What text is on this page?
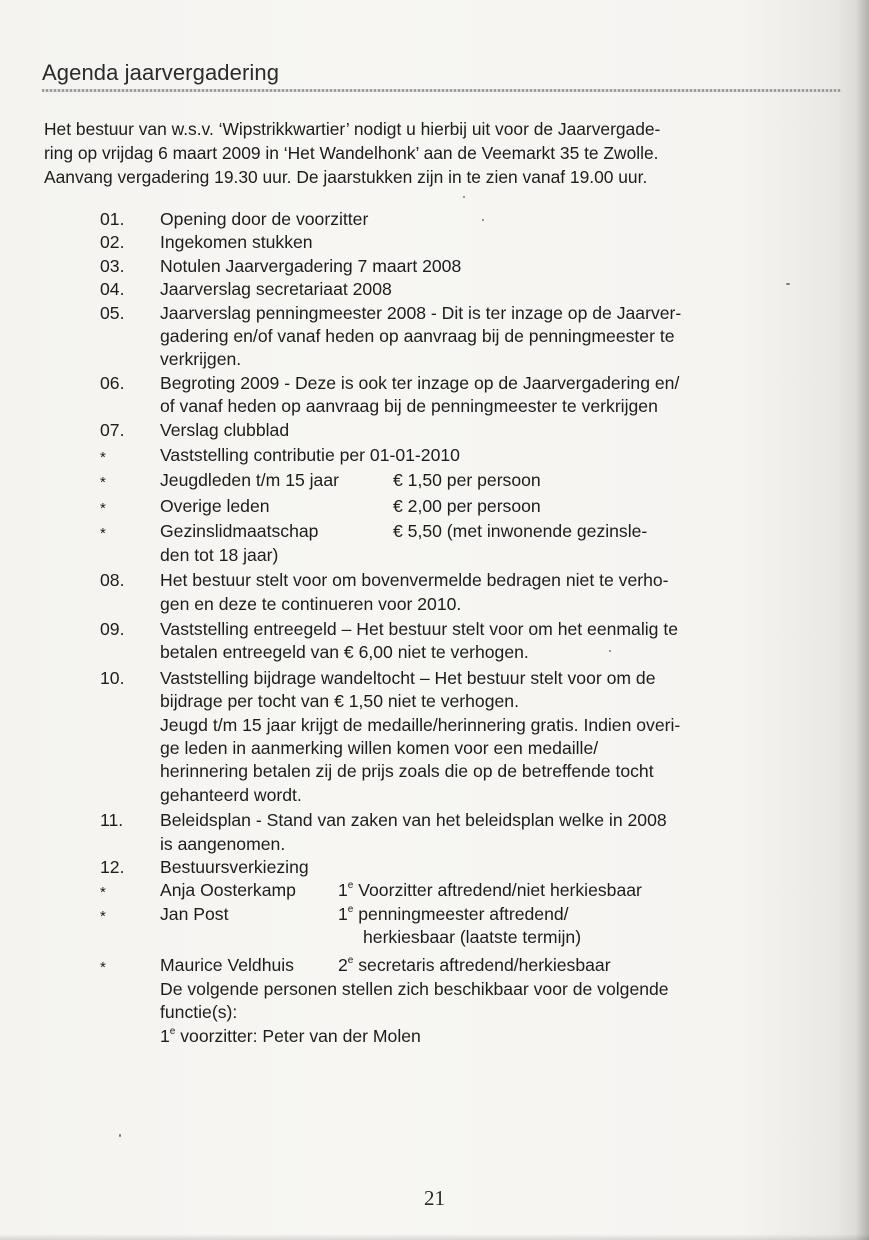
Agenda jaarvergadering
Het bestuur van w.s.v. ‘Wipstrikkwartier’ nodigt u hierbij uit voor de Jaarvergade-
ring op vrijdag 6 maart 2009 in ‘Het Wandelhonk’ aan de Veemarkt 35 te Zwolle.
Aanvang vergadering 19.30 uur. De jaarstukken zijn in te zien vanaf 19.00 uur.
01. Opening door de voorzitter
02. Ingekomen stukken
03. Notulen Jaarvergadering 7 maart 2008
04. Jaarverslag secretariaat 2008
05. Jaarverslag penningmeester 2008 - Dit is ter inzage op de Jaarver-
gadering en/of vanaf heden op aanvraag bij de penningmeester te
verkrijgen.
06. Begroting 2009 - Deze is ook ter inzage op de Jaarvergadering en/
of vanaf heden op aanvraag bij de penningmeester te verkrijgen
07. Verslag clubblad
*	Vaststelling contributie per 01-01-2010
*	Jeugdleden t/m 15 jaar	€ 1,50 per persoon
*	Overige leden	€ 2,00 per persoon
*	Gezinslidmaatschap	€ 5,50 (met inwonende gezinsle-
den tot 18 jaar)
08. Het bestuur stelt voor om bovenvermelde bedragen niet te verho-
gen en deze te continueren voor 2010.
09. Vaststelling entreegeld – Het bestuur stelt voor om het eenmalig te
betalen entreegeld van € 6,00 niet te verhogen.
10. Vaststelling bijdrage wandeltocht – Het bestuur stelt voor om de
bijdrage per tocht van € 1,50 niet te verhogen.
Jeugd t/m 15 jaar krijgt de medaille/herinnering gratis. Indien overi-
ge leden in aanmerking willen komen voor een medaille/
herinnering betalen zij de prijs zoals die op de betreffende tocht
gehanteerd wordt.
11. Beleidsplan - Stand van zaken van het beleidsplan welke in 2008
is aangenomen.
12. Bestuursverkiezing
*	Anja Oosterkamp	1e Voorzitter aftredend/niet herkiesbaar
*	Jan Post	1e penningmeester aftredend/
herkiesbaar (laatste termijn)
*	Maurice Veldhuis	2e secretaris aftredend/herkiesbaar
De volgende personen stellen zich beschikbaar voor de volgende
functie(s):
1e voorzitter: Peter van der Molen
21
